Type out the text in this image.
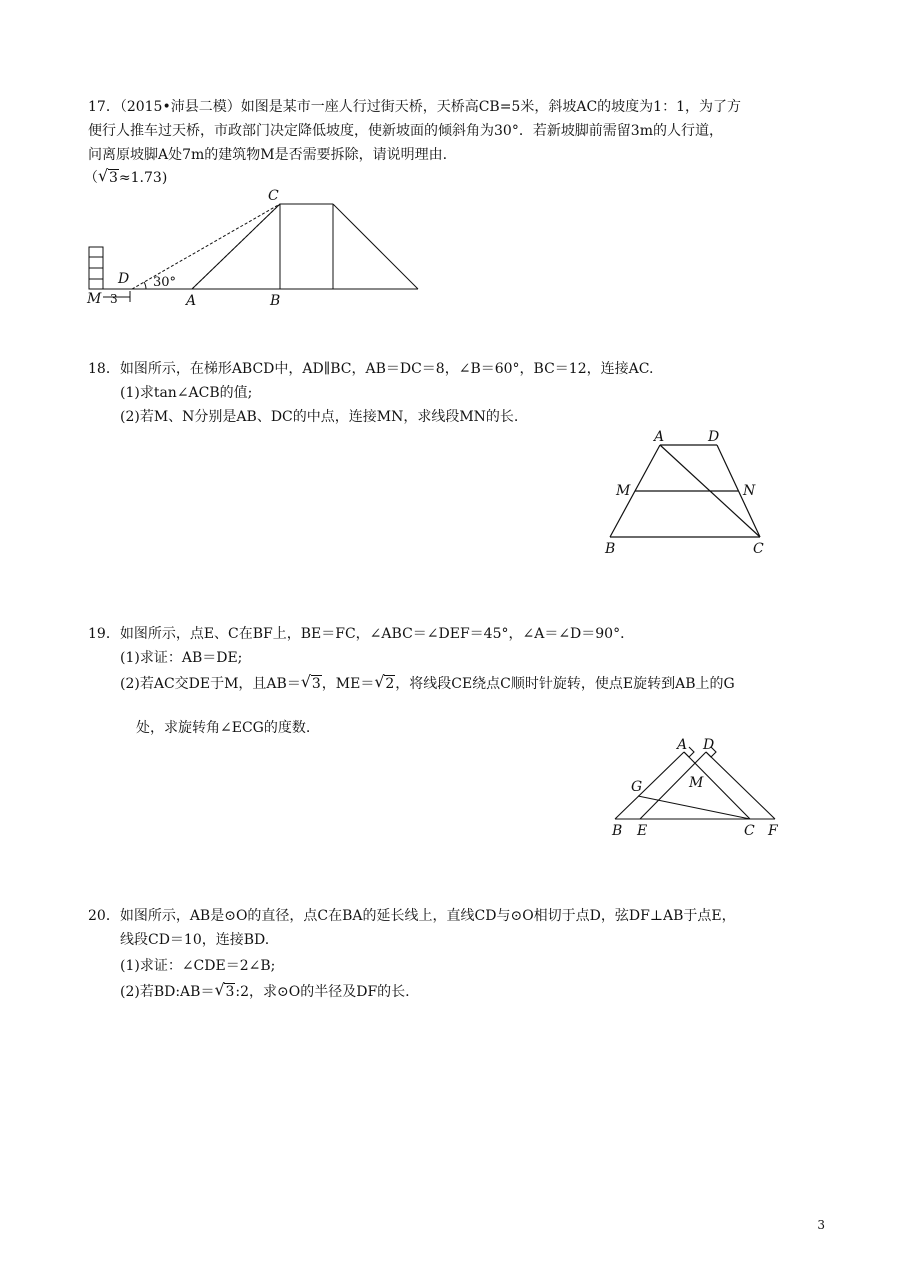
17．（2015•沛县二模）如图是某市一座人行过街天桥，天桥高CB=5米，斜坡AC的坡度为1：1，为了方
便行人推车过天桥，市政部门决定降低坡度，使新坡面的倾斜角为30°．若新坡脚前需留3m的人行道，
问离原坡脚A处7m的建筑物M是否需要拆除，请说明理由.
（ √ 3≈1.73)
C
D 30°
M 3	A	B
18．如图所示，在梯形ABCD中，AD∥BC，AB＝DC＝8，∠B＝60°，BC＝12，连接AC.
(1)求tan∠ACB的值;
(2)若M、N分别是AB、DC的中点，连接MN，求线段MN的长.
A	D
M	N
B	C
19．如图所示，点E、C在BF上，BE＝FC，∠ABC＝∠DEF＝45°，∠A＝∠D＝90°．
(1)求证：AB＝DE;
(2)若AC交DE于M，且AB＝ √ 3，ME＝ √ 2，将线段CE绕点C顺时针旋转，使点E旋转到AB上的G
处，求旋转角∠ECG的度数.
A D
G	M
B E	C F
20．如图所示，AB是⊙O的直径，点C在BA的延长线上，直线CD与⊙O相切于点D，弦DF⊥AB于点E，
线段CD＝10，连接BD.
(1)求证：∠CDE＝2∠B;
(2)若BD:AB＝ √ 3:2，求⊙O的半径及DF的长.
3
